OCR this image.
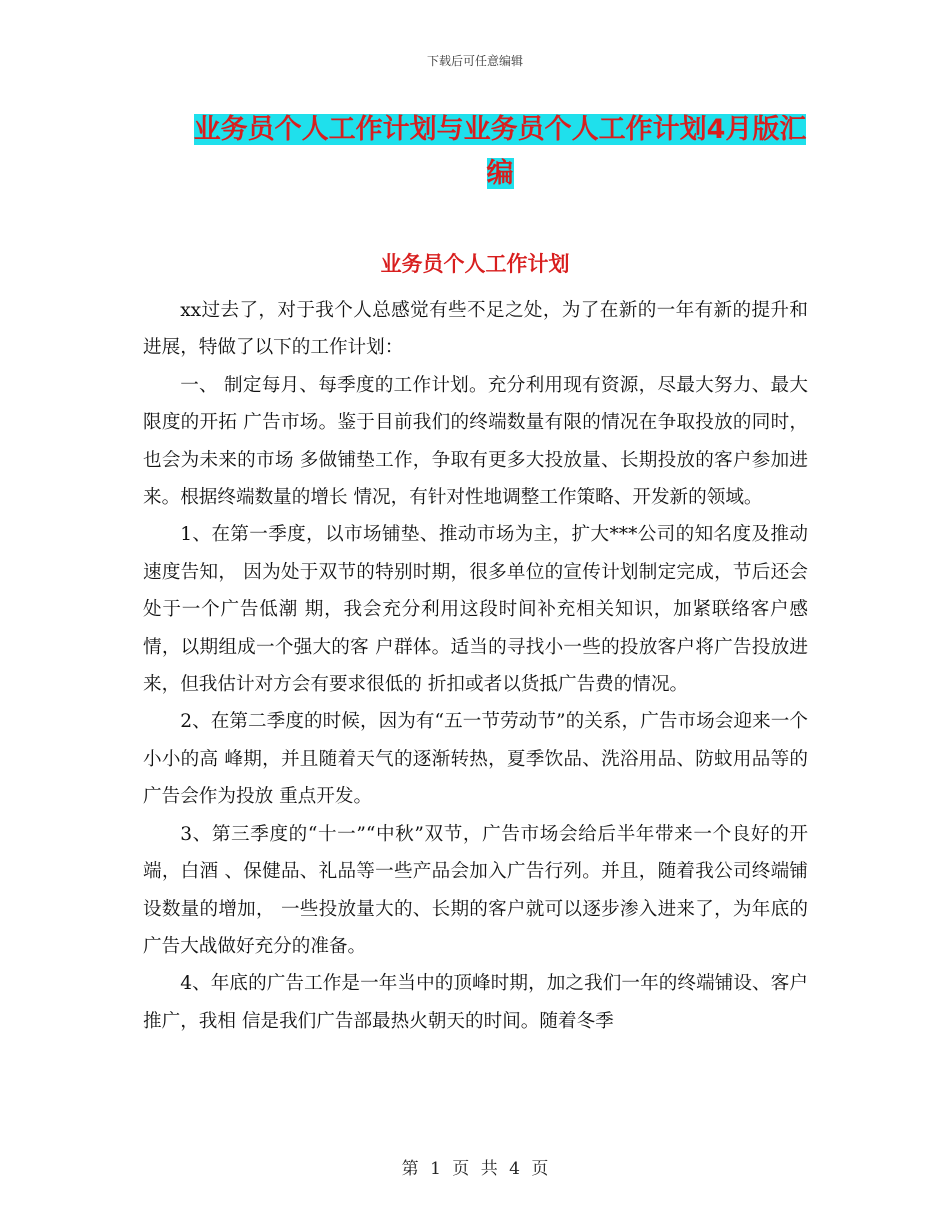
下载后可任意编辑
业务员个人工作计划与业务员个人工作计划4月版汇
编
业务员个人工作计划

xx过去了，对于我个人总感觉有些不足之处，为了在新的一年有新的提升和进展，特做了以下的工作计划：

一、 制定每月、每季度的工作计划。充分利用现有资源，尽最大努力、最大限度的开拓 广告市场。鉴于目前我们的终端数量有限的情况在争取投放的同时，也会为未来的市场 多做铺垫工作，争取有更多大投放量、长期投放的客户参加进来。根据终端数量的增长 情况，有针对性地调整工作策略、开发新的领域。

1、在第一季度，以市场铺垫、推动市场为主，扩大***公司的知名度及推动速度告知， 因为处于双节的特别时期，很多单位的宣传计划制定完成，节后还会处于一个广告低潮 期，我会充分利用这段时间补充相关知识，加紧联络客户感情，以期组成一个强大的客 户群体。适当的寻找小一些的投放客户将广告投放进来，但我估计对方会有要求很低的 折扣或者以货抵广告费的情况。

2、在第二季度的时候，因为有“五一节劳动节”的关系，广告市场会迎来一个小小的高 峰期，并且随着天气的逐渐转热，夏季饮品、洗浴用品、防蚊用品等的广告会作为投放 重点开发。

3、第三季度的“十一”“中秋”双节，广告市场会给后半年带来一个良好的开端，白酒 、保健品、礼品等一些产品会加入广告行列。并且，随着我公司终端铺设数量的增加， 一些投放量大的、长期的客户就可以逐步渗入进来了，为年底的广告大战做好充分的准备。

4、年底的广告工作是一年当中的顶峰时期，加之我们一年的终端铺设、客户推广，我相 信是我们广告部最热火朝天的时间。随着冬季

第 1 页 共 4 页
